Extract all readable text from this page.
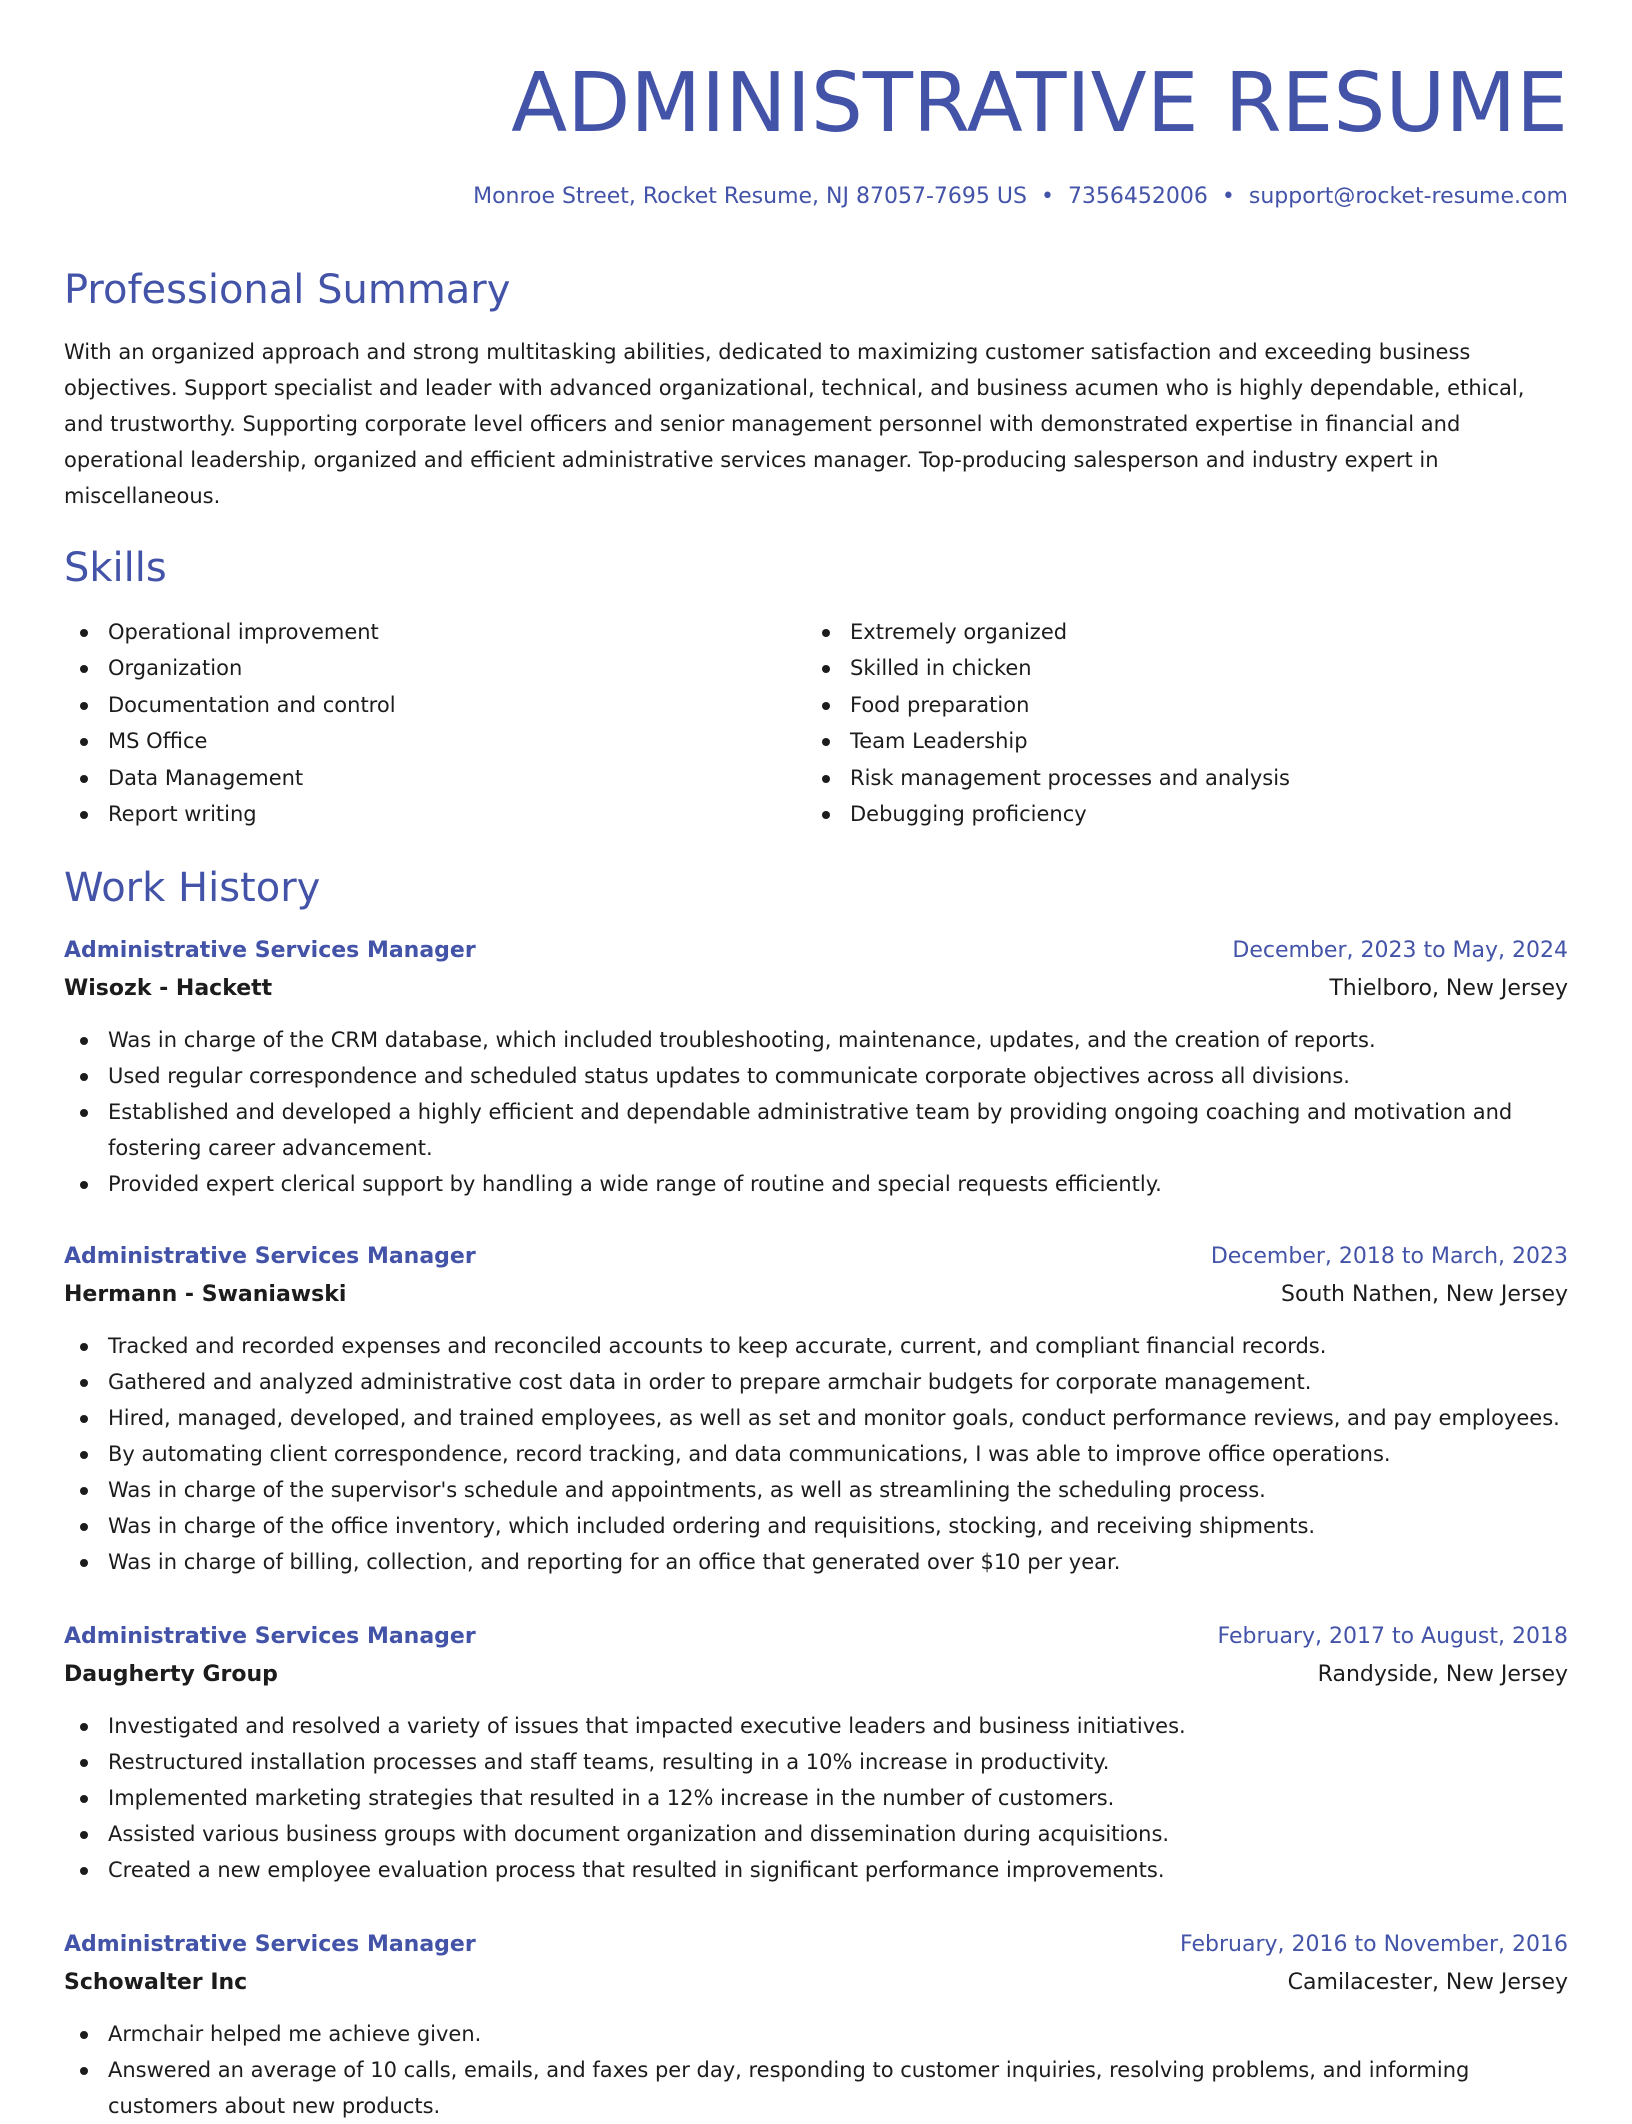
ADMINISTRATIVE RESUME
Monroe Street, Rocket Resume, NJ 87057-7695 US • 7356452006 • support@rocket-resume.com
Professional Summary
With an organized approach and strong multitasking abilities, dedicated to maximizing customer satisfaction and exceeding business objectives. Support specialist and leader with advanced organizational, technical, and business acumen who is highly dependable, ethical, and trustworthy. Supporting corporate level officers and senior management personnel with demonstrated expertise in financial and operational leadership, organized and efficient administrative services manager. Top-producing salesperson and industry expert in miscellaneous.
Skills
Operational improvement
Organization
Documentation and control
MS Office
Data Management
Report writing
Extremely organized
Skilled in chicken
Food preparation
Team Leadership
Risk management processes and analysis
Debugging proficiency
Work History
Administrative Services Manager	December, 2023 to May, 2024
Wisozk - Hackett	Thielboro, New Jersey
Was in charge of the CRM database, which included troubleshooting, maintenance, updates, and the creation of reports.
Used regular correspondence and scheduled status updates to communicate corporate objectives across all divisions.
Established and developed a highly efficient and dependable administrative team by providing ongoing coaching and motivation and fostering career advancement.
Provided expert clerical support by handling a wide range of routine and special requests efficiently.
Administrative Services Manager	December, 2018 to March, 2023
Hermann - Swaniawski	South Nathen, New Jersey
Tracked and recorded expenses and reconciled accounts to keep accurate, current, and compliant financial records.
Gathered and analyzed administrative cost data in order to prepare armchair budgets for corporate management.
Hired, managed, developed, and trained employees, as well as set and monitor goals, conduct performance reviews, and pay employees.
By automating client correspondence, record tracking, and data communications, I was able to improve office operations.
Was in charge of the supervisor's schedule and appointments, as well as streamlining the scheduling process.
Was in charge of the office inventory, which included ordering and requisitions, stocking, and receiving shipments.
Was in charge of billing, collection, and reporting for an office that generated over $10 per year.
Administrative Services Manager	February, 2017 to August, 2018
Daugherty Group	Randyside, New Jersey
Investigated and resolved a variety of issues that impacted executive leaders and business initiatives.
Restructured installation processes and staff teams, resulting in a 10% increase in productivity.
Implemented marketing strategies that resulted in a 12% increase in the number of customers.
Assisted various business groups with document organization and dissemination during acquisitions.
Created a new employee evaluation process that resulted in significant performance improvements.
Administrative Services Manager	February, 2016 to November, 2016
Schowalter Inc	Camilacester, New Jersey
Armchair helped me achieve given.
Answered an average of 10 calls, emails, and faxes per day, responding to customer inquiries, resolving problems, and informing customers about new products.
